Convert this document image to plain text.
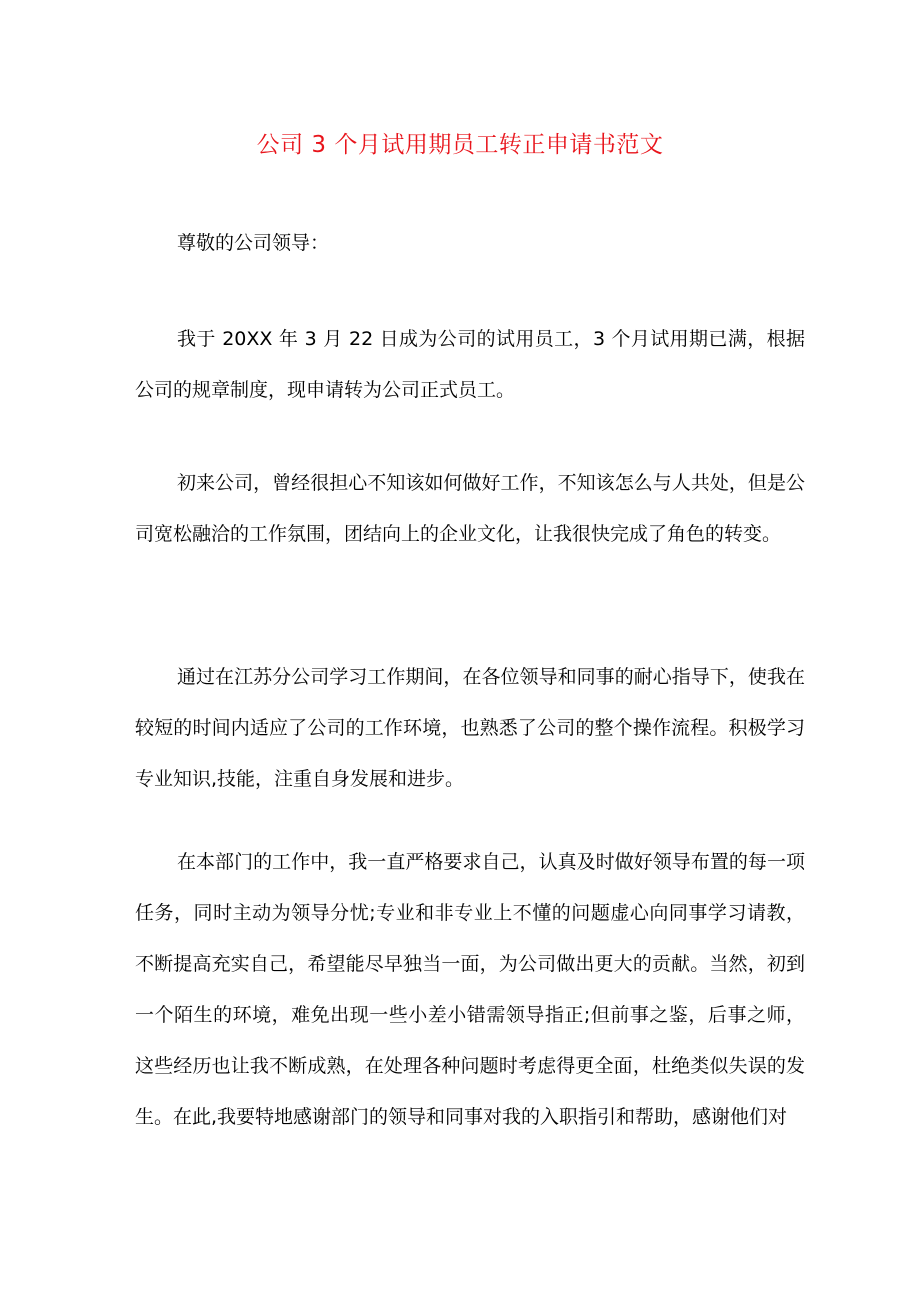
公司 3 个月试用期员工转正申请书范文
尊敬的公司领导：
我于 20XX 年 3 月 22 日成为公司的试用员工，3 个月试用期已满，根据公司的规章制度，现申请转为公司正式员工。
初来公司，曾经很担心不知该如何做好工作，不知该怎么与人共处，但是公司宽松融洽的工作氛围，团结向上的企业文化，让我很快完成了角色的转变。
通过在江苏分公司学习工作期间，在各位领导和同事的耐心指导下，使我在较短的时间内适应了公司的工作环境，也熟悉了公司的整个操作流程。积极学习专业知识,技能，注重自身发展和进步。
在本部门的工作中，我一直严格要求自己，认真及时做好领导布置的每一项任务，同时主动为领导分忧;专业和非专业上不懂的问题虚心向同事学习请教，不断提高充实自己，希望能尽早独当一面，为公司做出更大的贡献。当然，初到一个陌生的环境，难免出现一些小差小错需领导指正;但前事之鉴，后事之师，这些经历也让我不断成熟，在处理各种问题时考虑得更全面，杜绝类似失误的发生。在此,我要特地感谢部门的领导和同事对我的入职指引和帮助，感谢他们对
